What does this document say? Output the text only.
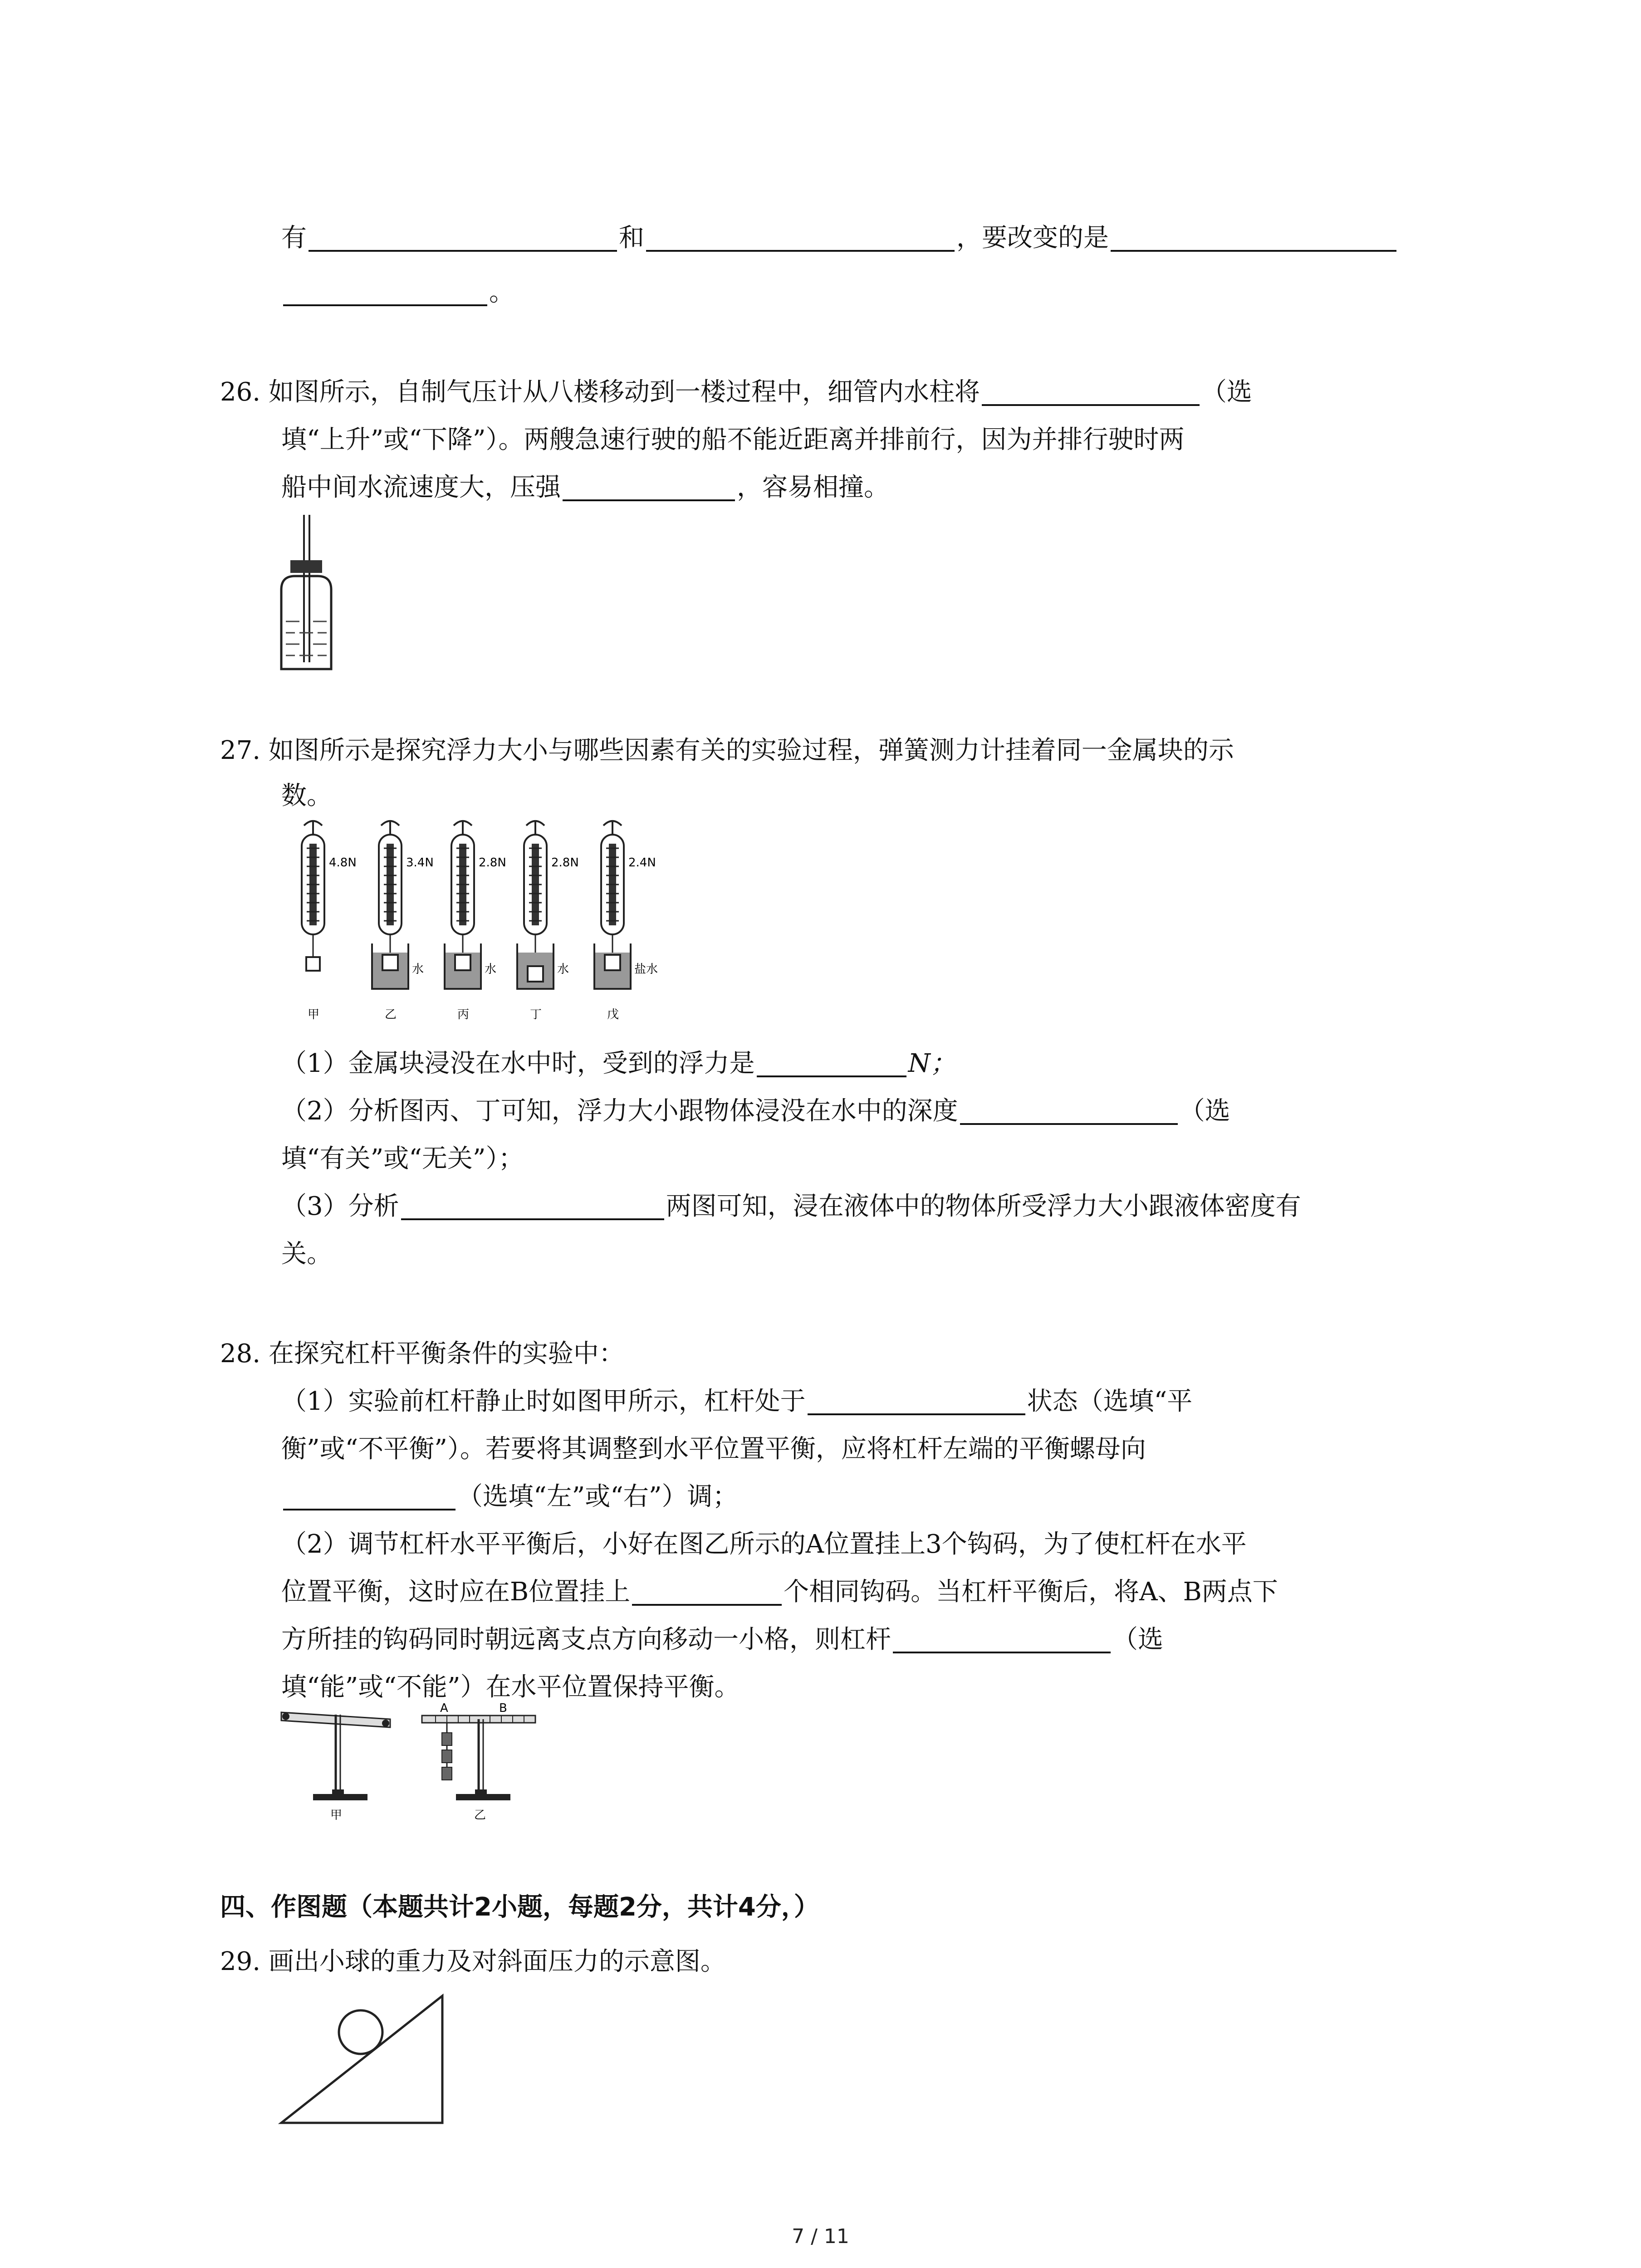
有	和	，要改变的是
。
26. 如图所示，自制气压计从八楼移动到一楼过程中，细管内水柱将	（选
填“上升”或“下降”）。两艘急速行驶的船不能近距离并排前行，因为并排行驶时两
船中间水流速度大，压强	，容易相撞。
27. 如图所示是探究浮力大小与哪些因素有关的实验过程，弹簧测力计挂着同一金属块的示
数。
4.8N
甲
3.4N
水
乙
2.8N
水
丙
2.8N
水
丁
2.4N
盐水
戊
（1）金属块浸没在水中时，受到的浮力是	N；
（2）分析图丙、丁可知，浮力大小跟物体浸没在水中的深度	（选
填“有关”或“无关”）；
（3）分析	两图可知，浸在液体中的物体所受浮力大小跟液体密度有
关。
28. 在探究杠杆平衡条件的实验中：
（1）实验前杠杆静止时如图甲所示，杠杆处于	状态（选填“平
衡”或“不平衡”）。若要将其调整到水平位置平衡，应将杠杆左端的平衡螺母向
（选填“左”或“右”）调；
（2）调节杠杆水平平衡后，小好在图乙所示的A位置挂上3个钩码，为了使杠杆在水平
位置平衡，这时应在B位置挂上	个相同钩码。当杠杆平衡后，将A、B两点下
方所挂的钩码同时朝远离支点方向移动一小格，则杠杆	（选
填“能”或“不能”）在水平位置保持平衡。
A	B
甲	乙
四、作图题（本题共计2小题，每题2分，共计4分，）
29. 画出小球的重力及对斜面压力的示意图。
7 / 11
